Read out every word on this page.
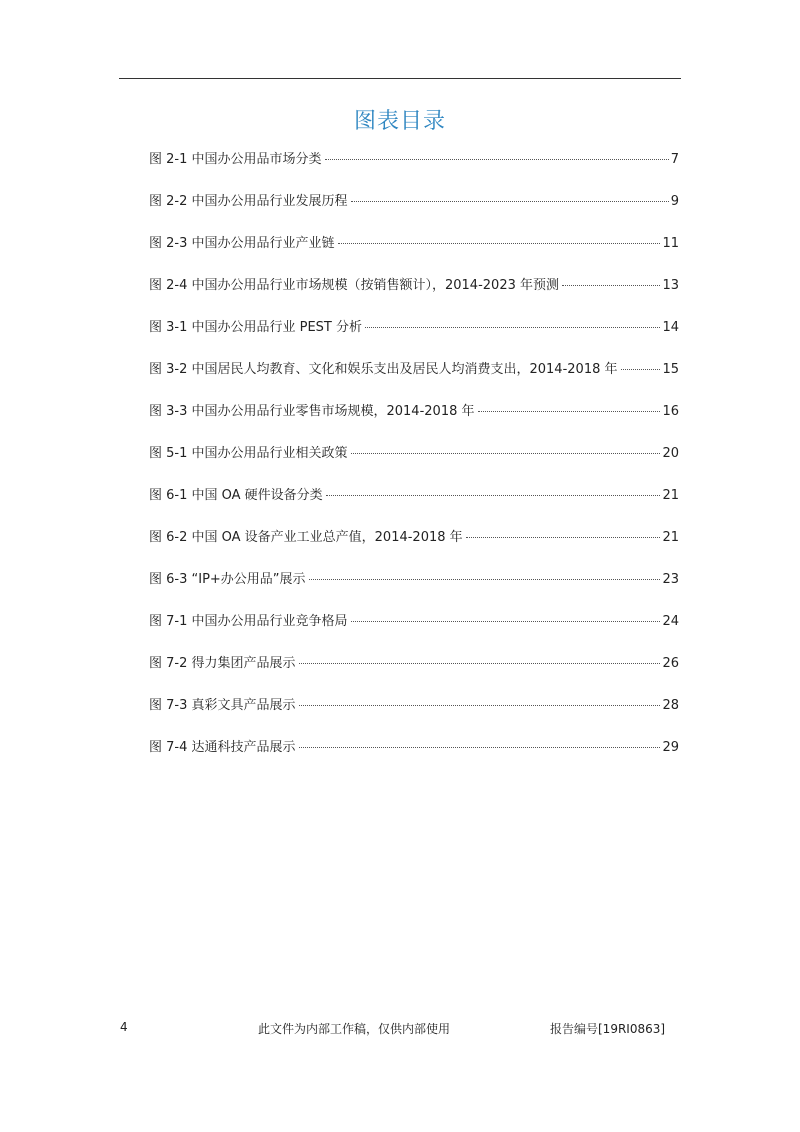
图表目录
图 2-1 中国办公用品市场分类	7
图 2-2 中国办公用品行业发展历程	9
图 2-3 中国办公用品行业产业链	11
图 2-4 中国办公用品行业市场规模（按销售额计），2014-2023 年预测	13
图 3-1 中国办公用品行业 PEST 分析	14
图 3-2 中国居民人均教育、文化和娱乐支出及居民人均消费支出，2014-2018 年	15
图 3-3 中国办公用品行业零售市场规模，2014-2018 年	16
图 5-1 中国办公用品行业相关政策	20
图 6-1 中国 OA 硬件设备分类	21
图 6-2 中国 OA 设备产业工业总产值，2014-2018 年	21
图 6-3 “IP+办公用品”展示	23
图 7-1 中国办公用品行业竞争格局	24
图 7-2 得力集团产品展示	26
图 7-3 真彩文具产品展示	28
图 7-4 达通科技产品展示	29
4	此文件为内部工作稿，仅供内部使用	报告编号[19RI0863]
